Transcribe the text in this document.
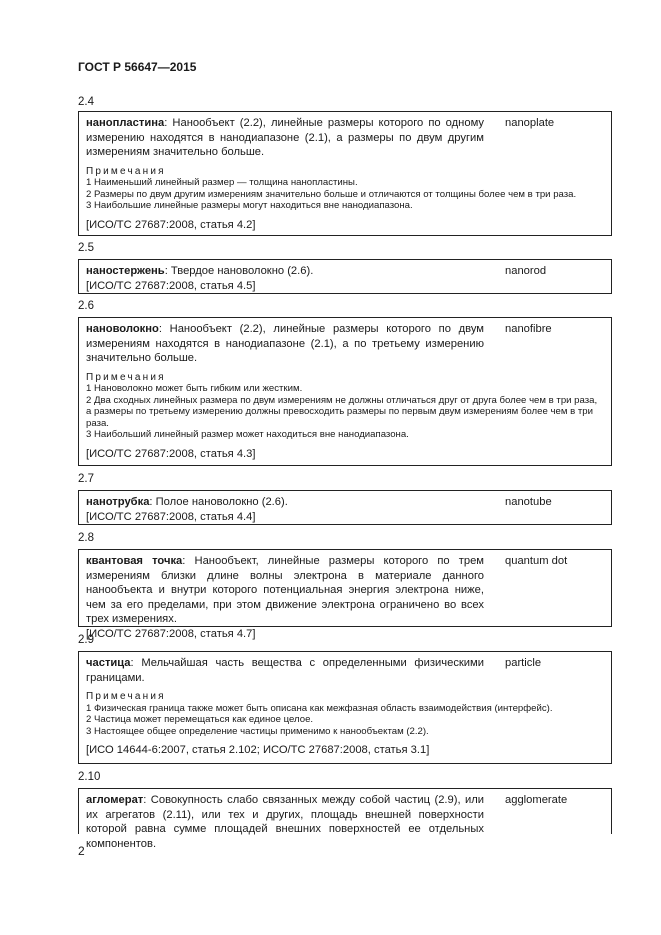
ГОСТ Р 56647—2015
2.4
нанопластина: Нанообъект (2.2), линейные размеры которого по одному измерению находятся в нанодиапазоне (2.1), а размеры по двум другим измерениям значительно больше.
nanoplate
Примечания
1 Наименьший линейный размер — толщина нанопластины.
2 Размеры по двум другим измерениям значительно больше и отличаются от толщины более чем в три раза.
3 Наибольшие линейные размеры могут находиться вне нанодиапазона.
[ИСО/ТС 27687:2008, статья 4.2]
2.5
наностержень: Твердое нановолокно (2.6).	nanorod
[ИСО/ТС 27687:2008, статья 4.5]
2.6
нановолокно: Нанообъект (2.2), линейные размеры которого по двум измерениям находятся в нанодиапазоне (2.1), а по третьему измерению значительно больше.
nanofibre
Примечания
1 Нановолокно может быть гибким или жестким.
2 Два сходных линейных размера по двум измерениям не должны отличаться друг от друга более чем в три раза, а размеры по третьему измерению должны превосходить размеры по первым двум измерениям более чем в три раза.
3 Наибольший линейный размер может находиться вне нанодиапазона.
[ИСО/ТС 27687:2008, статья 4.3]
2.7
нанотрубка: Полое нановолокно (2.6).	nanotube
[ИСО/ТС 27687:2008, статья 4.4]
2.8
квантовая точка: Нанообъект, линейные размеры которого по трем измерениям близки длине волны электрона в материале данного нанообъекта и внутри которого потенциальная энергия электрона ниже, чем за его пределами, при этом движение электрона ограничено во всех трех измерениях.
quantum dot
[ИСО/ТС 27687:2008, статья 4.7]
2.9
частица: Мельчайшая часть вещества с определенными физическими границами.
particle
Примечания
1 Физическая граница также может быть описана как межфазная область взаимодействия (интерфейс).
2 Частица может перемещаться как единое целое.
3 Настоящее общее определение частицы применимо к нанообъектам (2.2).
[ИСО 14644-6:2007, статья 2.102; ИСО/ТС 27687:2008, статья 3.1]
2.10
агломерат: Совокупность слабо связанных между собой частиц (2.9), или их агрегатов (2.11), или тех и других, площадь внешней поверхности которой равна сумме площадей внешних поверхностей ее отдельных компонентов.
agglomerate
2
